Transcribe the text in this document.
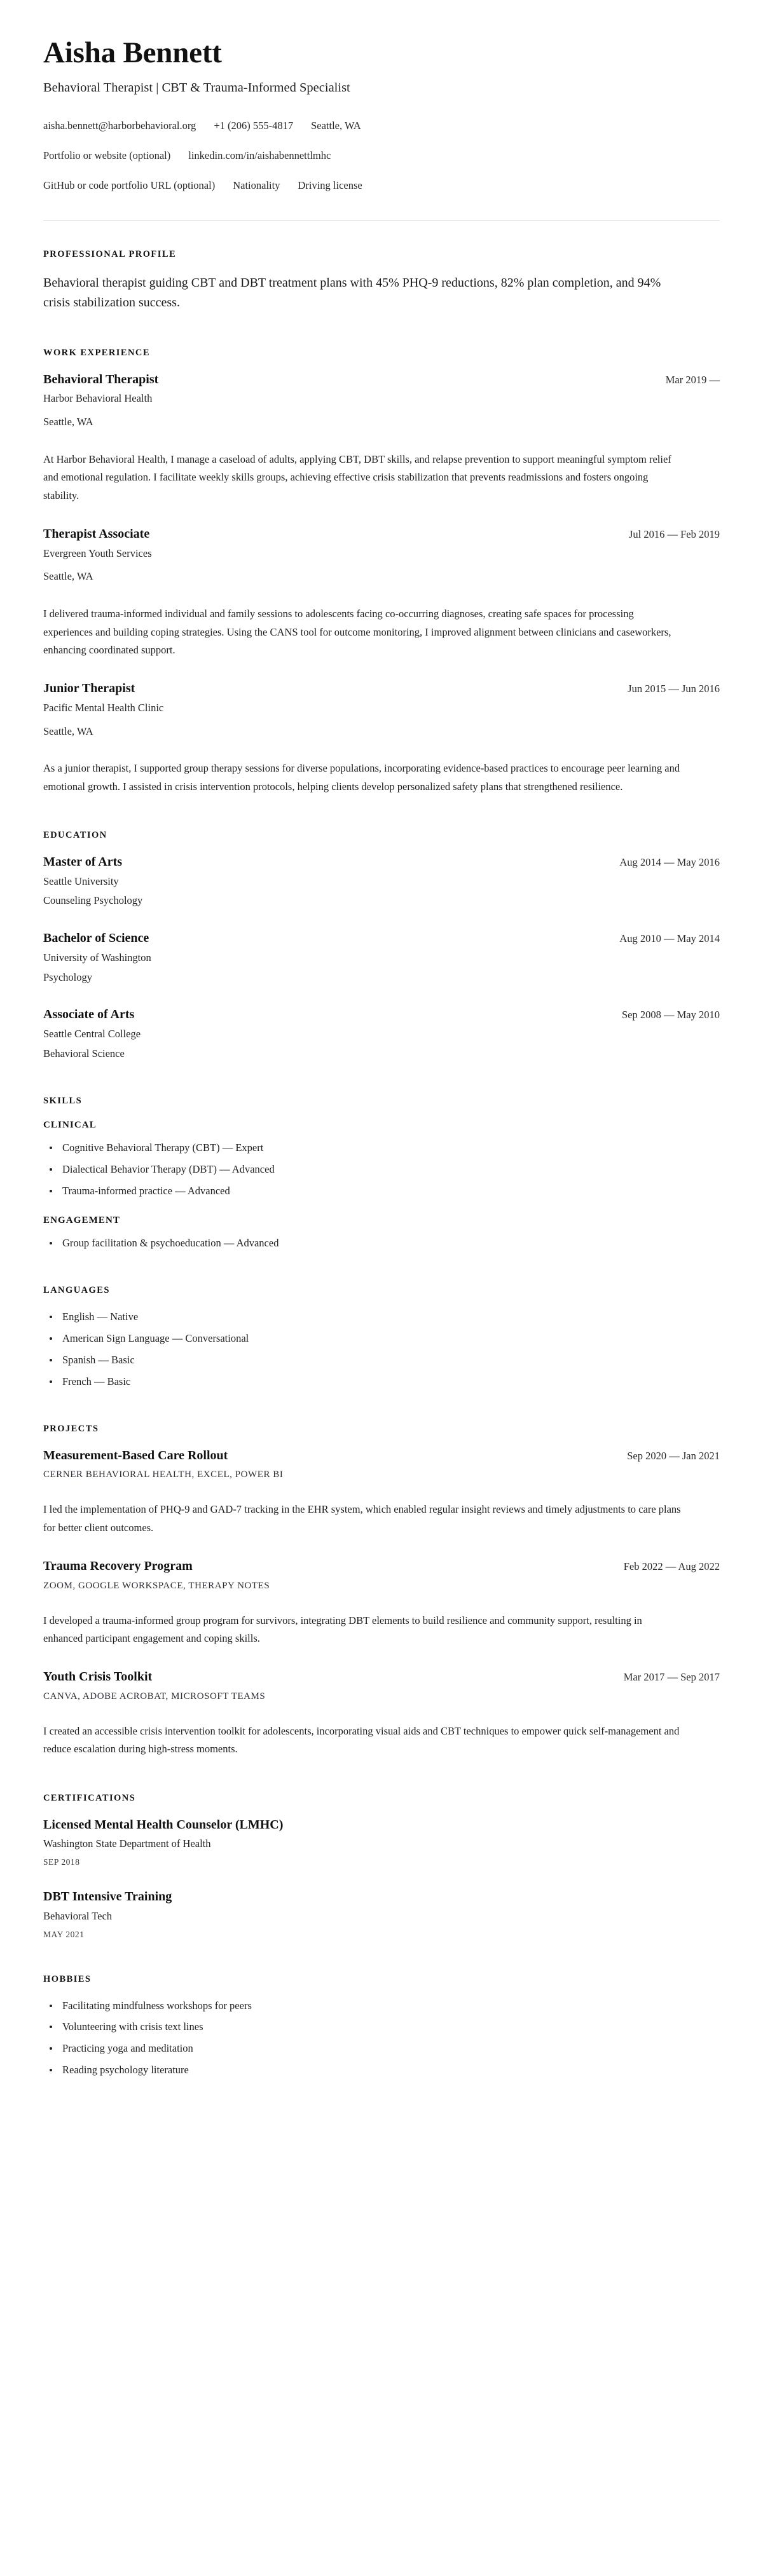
Aisha Bennett
Behavioral Therapist | CBT & Trauma-Informed Specialist
aisha.bennett@harborbehavioral.org +1 (206) 555-4817 Seattle, WA
Portfolio or website (optional) linkedin.com/in/aishabennettlmhc
GitHub or code portfolio URL (optional) Nationality Driving license
PROFESSIONAL PROFILE

Behavioral therapist guiding CBT and DBT treatment plans with 45% PHQ-9 reductions, 82% plan completion, and 94% crisis stabilization success.

WORK EXPERIENCE
Behavioral Therapist	Mar 2019 —
Harbor Behavioral Health
Seattle, WA

At Harbor Behavioral Health, I manage a caseload of adults, applying CBT, DBT skills, and relapse prevention to support meaningful symptom relief and emotional regulation. I facilitate weekly skills groups, achieving effective crisis stabilization that prevents readmissions and fosters ongoing stability.

Therapist Associate	Jul 2016 — Feb 2019
Evergreen Youth Services
Seattle, WA

I delivered trauma-informed individual and family sessions to adolescents facing co-occurring diagnoses, creating safe spaces for processing experiences and building coping strategies. Using the CANS tool for outcome monitoring, I improved alignment between clinicians and caseworkers, enhancing coordinated support.

Junior Therapist	Jun 2015 — Jun 2016
Pacific Mental Health Clinic
Seattle, WA

As a junior therapist, I supported group therapy sessions for diverse populations, incorporating evidence-based practices to encourage peer learning and emotional growth. I assisted in crisis intervention protocols, helping clients develop personalized safety plans that strengthened resilience.

EDUCATION
Master of Arts	Aug 2014 — May 2016
Seattle University
Counseling Psychology
Bachelor of Science	Aug 2010 — May 2014
University of Washington
Psychology
Associate of Arts	Sep 2008 — May 2010
Seattle Central College
Behavioral Science
SKILLS
CLINICAL
Cognitive Behavioral Therapy (CBT) — Expert
Dialectical Behavior Therapy (DBT) — Advanced
Trauma-informed practice — Advanced
ENGAGEMENT
Group facilitation & psychoeducation — Advanced
LANGUAGES
English — Native
American Sign Language — Conversational
Spanish — Basic
French — Basic
PROJECTS
Measurement-Based Care Rollout	Sep 2020 — Jan 2021
CERNER BEHAVIORAL HEALTH, EXCEL, POWER BI

I led the implementation of PHQ-9 and GAD-7 tracking in the EHR system, which enabled regular insight reviews and timely adjustments to care plans for better client outcomes.

Trauma Recovery Program	Feb 2022 — Aug 2022
ZOOM, GOOGLE WORKSPACE, THERAPY NOTES

I developed a trauma-informed group program for survivors, integrating DBT elements to build resilience and community support, resulting in enhanced participant engagement and coping skills.

Youth Crisis Toolkit	Mar 2017 — Sep 2017
CANVA, ADOBE ACROBAT, MICROSOFT TEAMS

I created an accessible crisis intervention toolkit for adolescents, incorporating visual aids and CBT techniques to empower quick self-management and reduce escalation during high-stress moments.

CERTIFICATIONS
Licensed Mental Health Counselor (LMHC)
Washington State Department of Health
SEP 2018
DBT Intensive Training
Behavioral Tech
MAY 2021
HOBBIES
Facilitating mindfulness workshops for peers
Volunteering with crisis text lines
Practicing yoga and meditation
Reading psychology literature
